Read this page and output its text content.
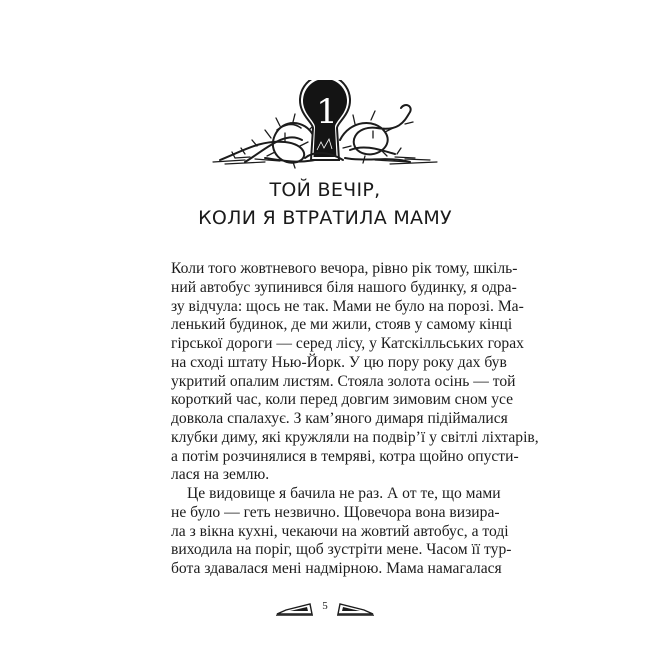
1
ТОЙ ВЕЧІР,
КОЛИ Я ВТРАТИЛА МАМУ
Коли того жовтневого вечора, рівно рік тому, шкіль-
ний автобус зупинився біля нашого будинку, я одра-
зу відчула: щось не так. Мами не було на порозі. Ма-
ленький будинок, де ми жили, стояв у самому кінці
гірської дороги — серед лісу, у Катскілльських горах
на сході штату Нью-Йорк. У цю пору року дах був
укритий опалим листям. Стояла золота осінь — той
короткий час, коли перед довгим зимовим сном усе
довкола спалахує. З кам’яного димаря підіймалися
клубки диму, які кружляли на подвір’ї у світлі ліхтарів,
а потім розчинялися в темряві, котра щойно опусти-
лася на землю.
Це видовище я бачила не раз. А от те, що мами
не було — геть незвично. Щовечора вона визира-
ла з вікна кухні, чекаючи на жовтий автобус, а тоді
виходила на поріг, щоб зустріти мене. Часом її тур-
бота здавалася мені надмірною. Мама намагалася
5
